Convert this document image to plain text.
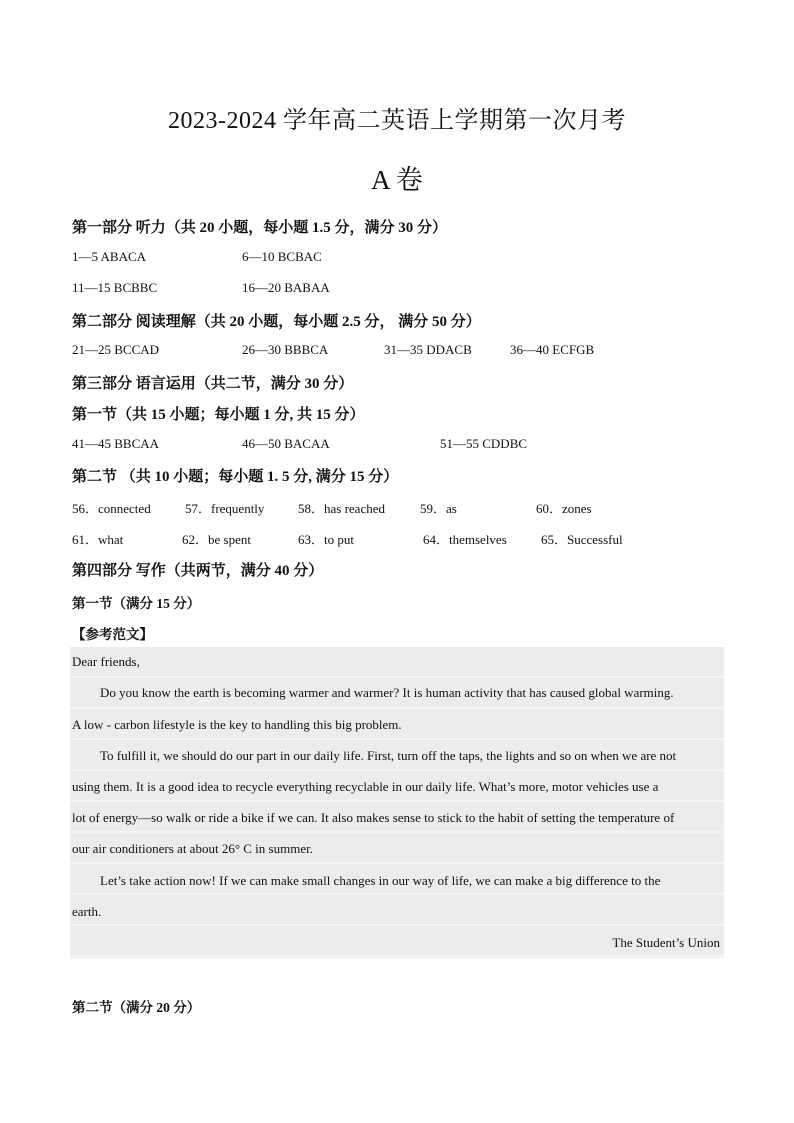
2023-2024 学年高二英语上学期第一次月考
A 卷
第一部分 听力（共 20 小题，每小题 1.5 分，满分 30 分）
1—5 ABACA	6—10 BCBAC
11—15 BCBBC	16—20 BABAA
第二部分 阅读理解（共 20 小题，每小题 2.5 分， 满分 50 分）
21—25 BCCAD	26—30 BBBCA	31—35 DDACB	36—40 ECFGB
第三部分 语言运用（共二节，满分 30 分）
第一节（共 15 小题；每小题 1 分, 共 15 分）
41—45 BBCAA	46—50 BACAA	51—55 CDDBC
第二节 （共 10 小题；每小题 1. 5 分, 满分 15 分）
56．connected	57．frequently	58．has reached	59．as	60．zones
61．what	62．be spent	63．to put	64．themselves	65．Successful
第四部分 写作（共两节，满分 40 分）
第一节（满分 15 分）
【参考范文】
Dear friends,
Do you know the earth is becoming warmer and warmer? It is human activity that has caused global warming.
A low - carbon lifestyle is the key to handling this big problem.
To fulfill it, we should do our part in our daily life. First, turn off the taps, the lights and so on when we are not
using them. It is a good idea to recycle everything recyclable in our daily life. What’s more, motor vehicles use a
lot of energy—so walk or ride a bike if we can. It also makes sense to stick to the habit of setting the temperature of
our air conditioners at about 26° C in summer.
Let’s take action now! If we can make small changes in our way of life, we can make a big difference to the
earth.
The Student’s Union
第二节（满分 20 分）
